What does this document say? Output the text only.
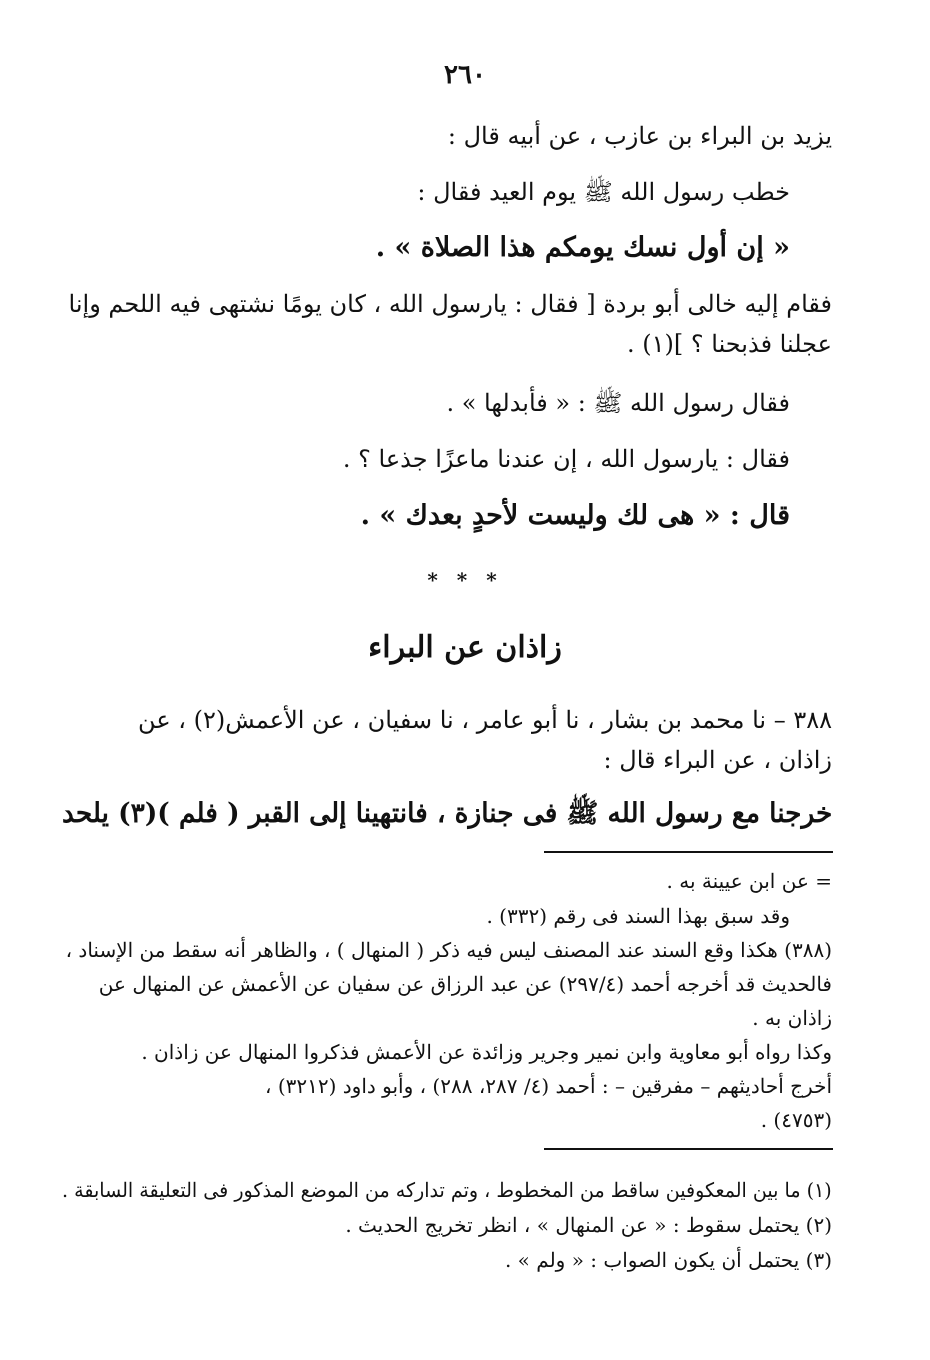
٢٦٠
يزيد بن البراء بن عازب ، عن أبيه قال :
خطب رسول الله ﷺ يوم العيد فقال :
« إن أول نسك يومكم هذا الصلاة » .
فقام إليه خالى أبو بردة [ فقال : يارسول الله ، كان يومًا نشتهى فيه اللحم وإنا
عجلنا فذبحنا ؟ ](١) .
فقال رسول الله ﷺ : « فأبدلها » .
فقال : يارسول الله ، إن عندنا ماعزًا جذعا ؟ .
قال : « هى لك وليست لأحدٍ بعدك » .
* * *
زاذان عن البراء
٣٨٨ – نا محمد بن بشار ، نا أبو عامر ، نا سفيان ، عن الأعمش(٢) ، عن
زاذان ، عن البراء قال :
خرجنا مع رسول الله ﷺ فى جنازة ، فانتهينا إلى القبر ( فلم )(٣) يلحد
= عن ابن عيينة به .
وقد سبق بهذا السند فى رقم (٣٣٢) .
(٣٨٨) هكذا وقع السند عند المصنف ليس فيه ذكر ( المنهال ) ، والظاهر أنه سقط من الإسناد ،
فالحديث قد أخرجه أحمد (٢٩٧/٤) عن عبد الرزاق عن سفيان عن الأعمش عن المنهال عن
زاذان به .
وكذا رواه أبو معاوية وابن نمير وجرير وزائدة عن الأعمش فذكروا المنهال عن زاذان .
أخرج أحاديثهم – مفرقين – : أحمد (٤/ ٢٨٧، ٢٨٨) ، وأبو داود (٣٢١٢) ،
(٤٧٥٣) .
(١) ما بين المعكوفين ساقط من المخطوط ، وتم تداركه من الموضع المذكور فى التعليقة السابقة .
(٢) يحتمل سقوط : « عن المنهال » ، انظر تخريج الحديث .
(٣) يحتمل أن يكون الصواب : « ولم » .
